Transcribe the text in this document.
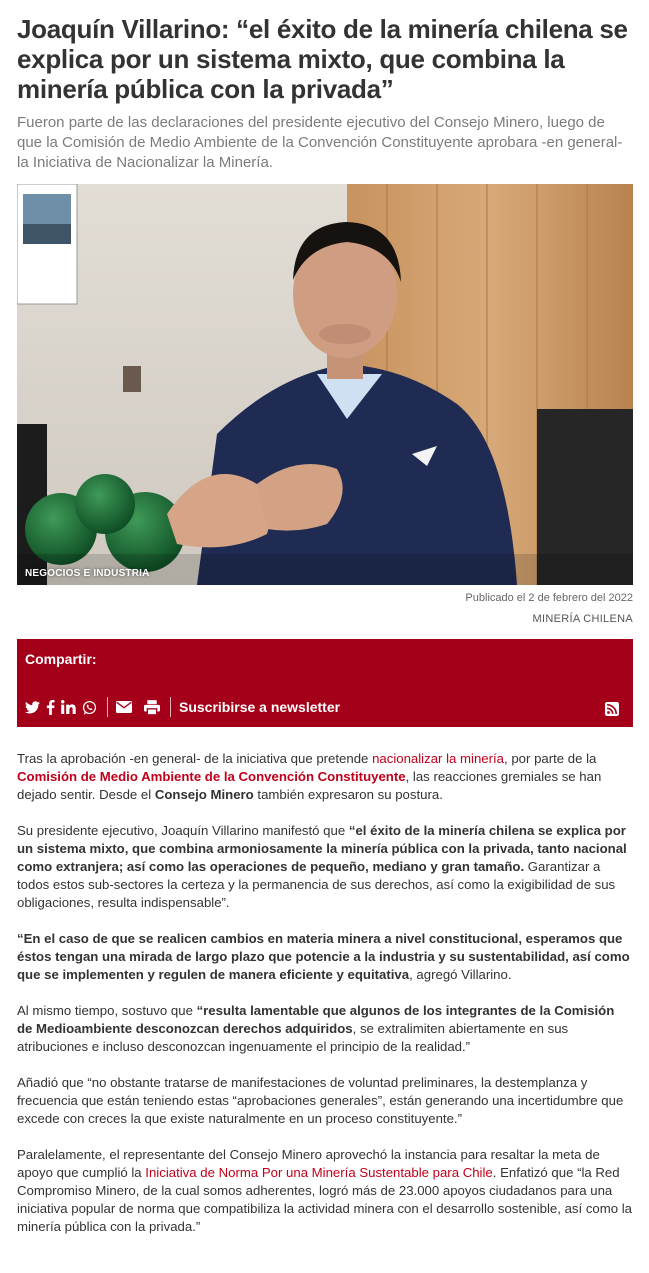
Joaquín Villarino: “el éxito de la minería chilena se explica por un sistema mixto, que combina la minería pública con la privada”
Fueron parte de las declaraciones del presidente ejecutivo del Consejo Minero, luego de que la Comisión de Medio Ambiente de la Convención Constituyente aprobara -en general- la Iniciativa de Nacionalizar la Minería.
NEGOCIOS E INDUSTRIA
Publicado el 2 de febrero del 2022
MINERÍA CHILENA
Compartir:
Suscribirse a newsletter

Tras la aprobación -en general- de la iniciativa que pretende nacionalizar la minería, por parte de la Comisión de Medio Ambiente de la Convención Constituyente, las reacciones gremiales se han dejado sentir. Desde el Consejo Minero también expresaron su postura.

Su presidente ejecutivo, Joaquín Villarino manifestó que “el éxito de la minería chilena se explica por un sistema mixto, que combina armoniosamente la minería pública con la privada, tanto nacional como extranjera; así como las operaciones de pequeño, mediano y gran tamaño. Garantizar a todos estos sub-sectores la certeza y la permanencia de sus derechos, así como la exigibilidad de sus obligaciones, resulta indispensable”.

“En el caso de que se realicen cambios en materia minera a nivel constitucional, esperamos que éstos tengan una mirada de largo plazo que potencie a la industria y su sustentabilidad, así como que se implementen y regulen de manera eficiente y equitativa, agregó Villarino.

Al mismo tiempo, sostuvo que “resulta lamentable que algunos de los integrantes de la Comisión de Medioambiente desconozcan derechos adquiridos, se extralimiten abiertamente en sus atribuciones e incluso desconozcan ingenuamente el principio de la realidad.”

Añadió que “no obstante tratarse de manifestaciones de voluntad preliminares, la destemplanza y frecuencia que están teniendo estas “aprobaciones generales”, están generando una incertidumbre que excede con creces la que existe naturalmente en un proceso constituyente.”

Paralelamente, el representante del Consejo Minero aprovechó la instancia para resaltar la meta de apoyo que cumplió la Iniciativa de Norma Por una Minería Sustentable para Chile. Enfatizó que “la Red Compromiso Minero, de la cual somos adherentes, logró más de 23.000 apoyos ciudadanos para una iniciativa popular de norma que compatibiliza la actividad minera con el desarrollo sostenible, así como la minería pública con la privada.”
